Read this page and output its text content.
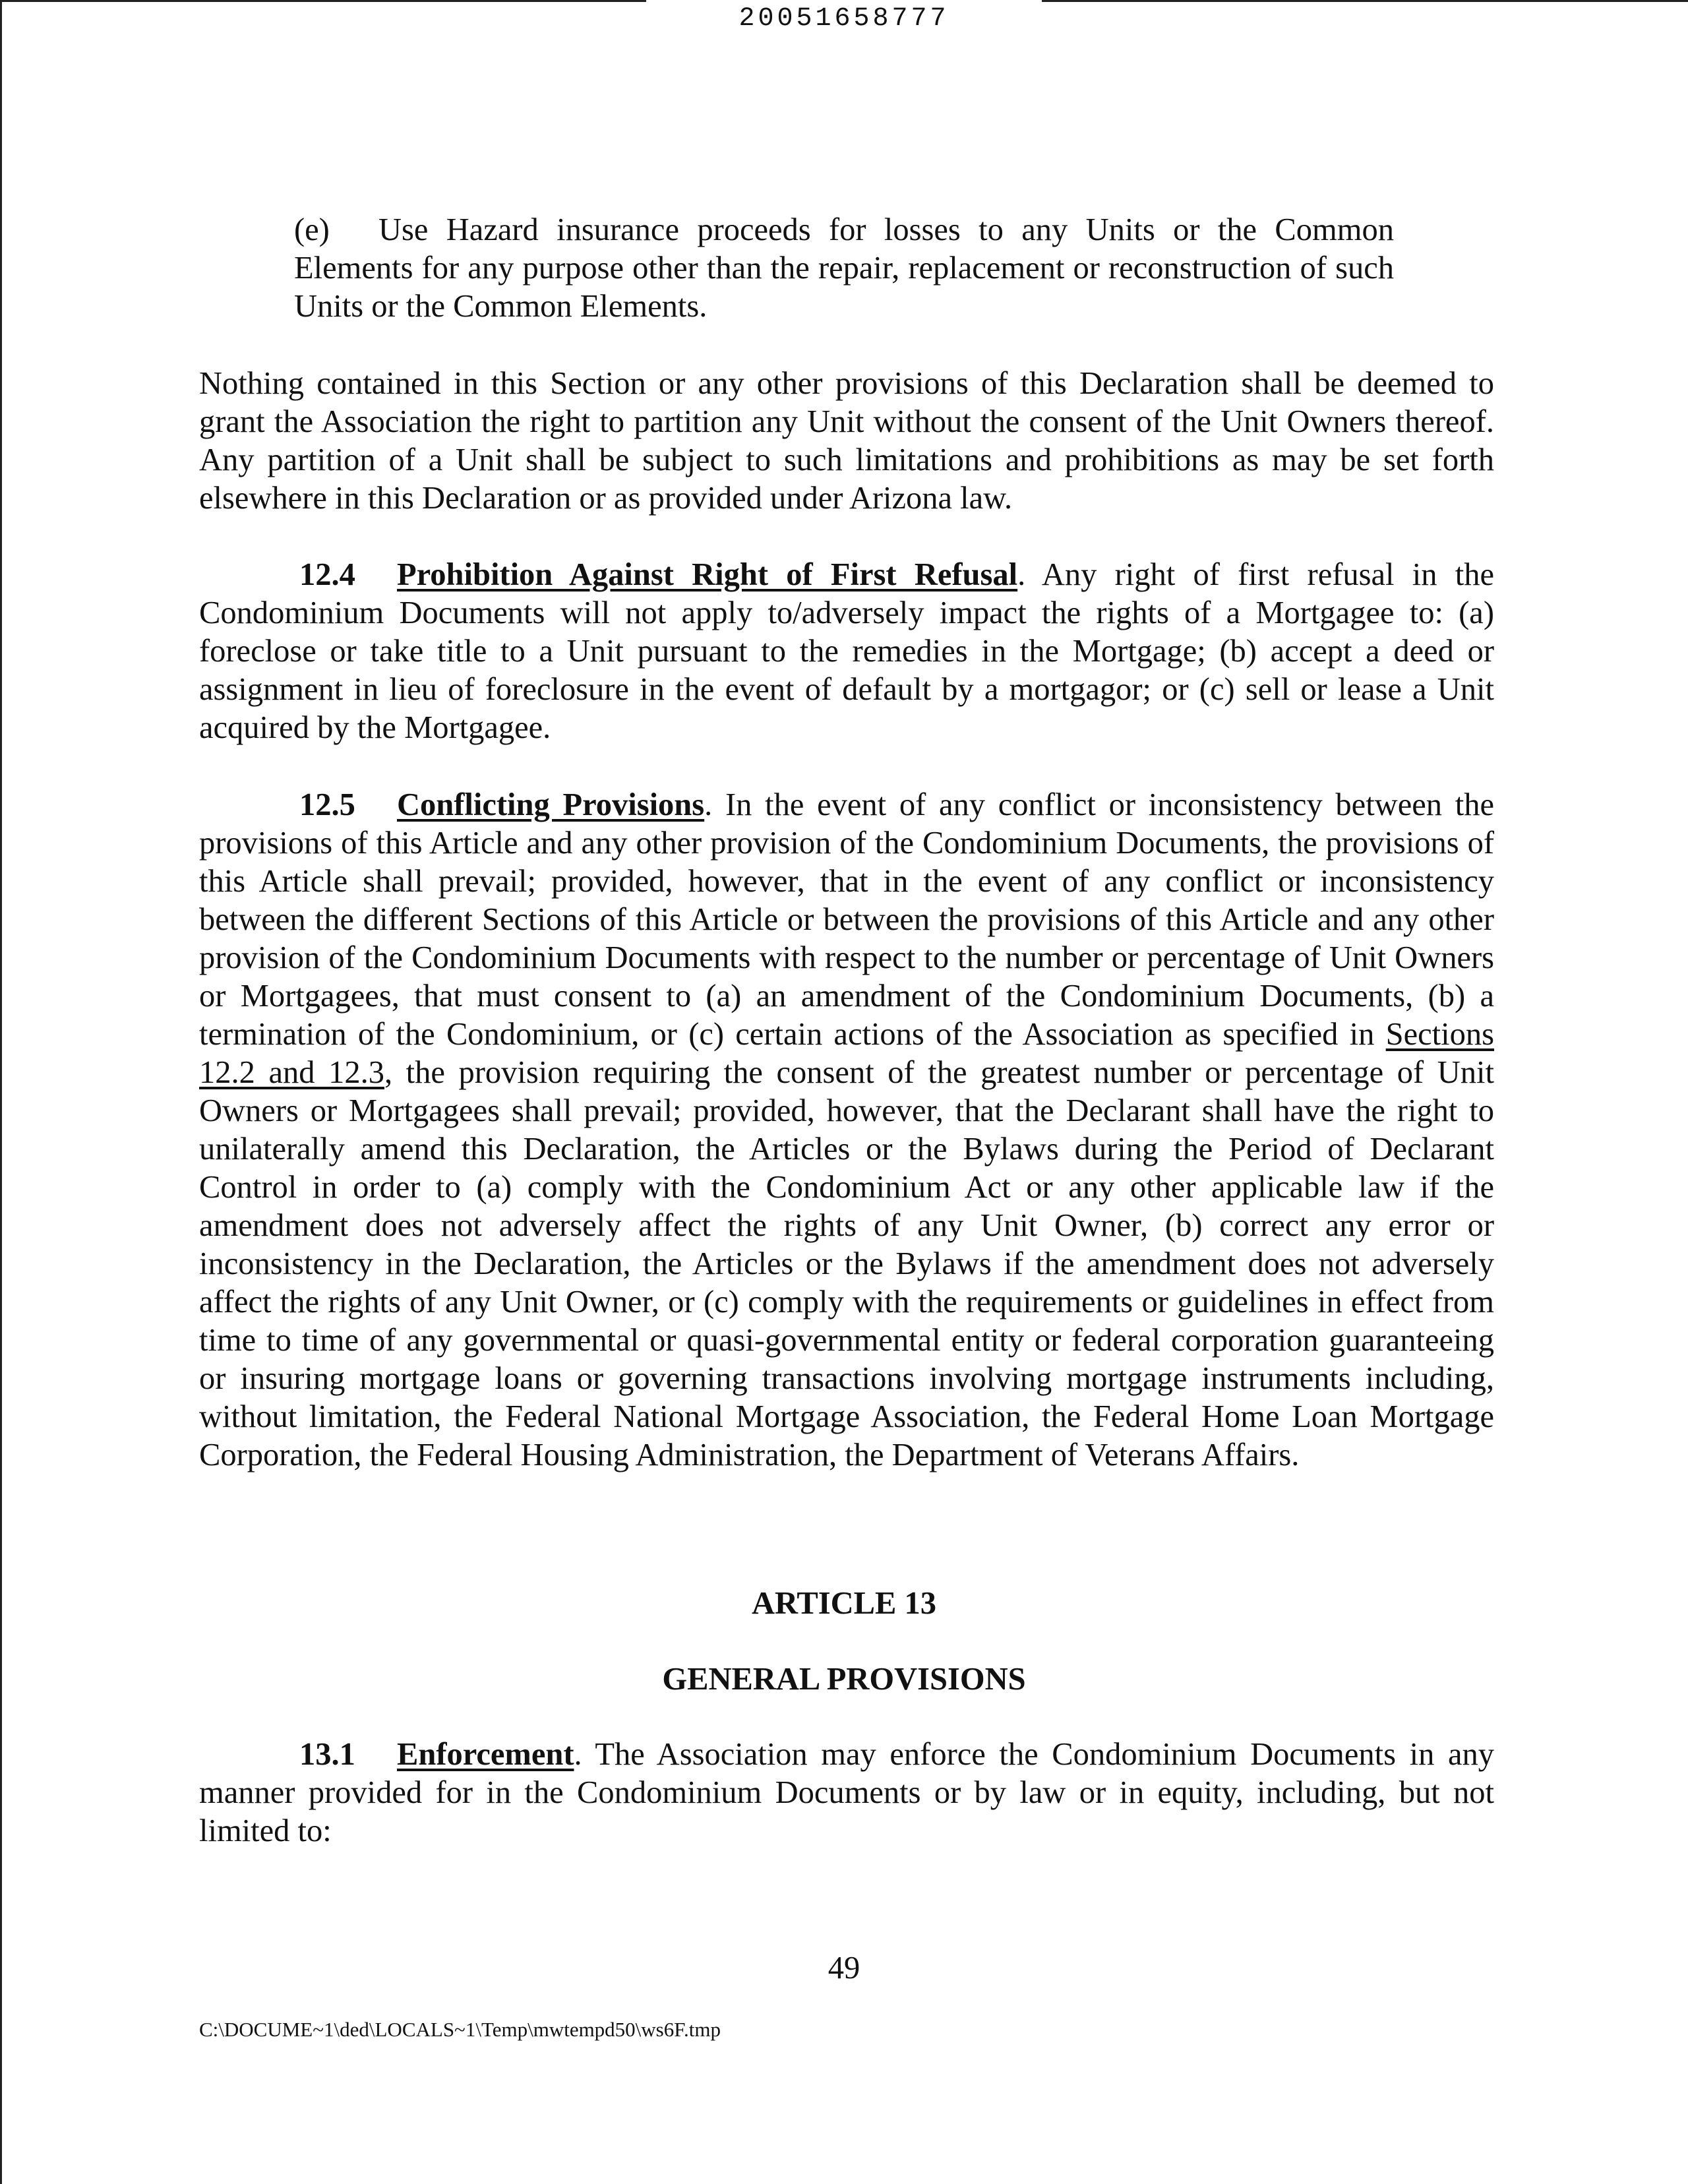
20051658777

(e) Use Hazard insurance proceeds for losses to any Units or the Common Elements for any purpose other than the repair, replacement or reconstruction of such Units or the Common Elements.

Nothing contained in this Section or any other provisions of this Declaration shall be deemed to grant the Association the right to partition any Unit without the consent of the Unit Owners thereof. Any partition of a Unit shall be subject to such limitations and prohibitions as may be set forth elsewhere in this Declaration or as provided under Arizona law.

12.4 Prohibition Against Right of First Refusal. Any right of first refusal in the Condominium Documents will not apply to/adversely impact the rights of a Mortgagee to: (a) foreclose or take title to a Unit pursuant to the remedies in the Mortgage; (b) accept a deed or assignment in lieu of foreclosure in the event of default by a mortgagor; or (c) sell or lease a Unit acquired by the Mortgagee.

12.5 Conflicting Provisions. In the event of any conflict or inconsistency between the provisions of this Article and any other provision of the Condominium Documents, the provisions of this Article shall prevail; provided, however, that in the event of any conflict or inconsistency between the different Sections of this Article or between the provisions of this Article and any other provision of the Condominium Documents with respect to the number or percentage of Unit Owners or Mortgagees, that must consent to (a) an amendment of the Condominium Documents, (b) a termination of the Condominium, or (c) certain actions of the Association as specified in Sections 12.2 and 12.3, the provision requiring the consent of the greatest number or percentage of Unit Owners or Mortgagees shall prevail; provided, however, that the Declarant shall have the right to unilaterally amend this Declaration, the Articles or the Bylaws during the Period of Declarant Control in order to (a) comply with the Condominium Act or any other applicable law if the amendment does not adversely affect the rights of any Unit Owner, (b) correct any error or inconsistency in the Declaration, the Articles or the Bylaws if the amendment does not adversely affect the rights of any Unit Owner, or (c) comply with the requirements or guidelines in effect from time to time of any governmental or quasi-governmental entity or federal corporation guaranteeing or insuring mortgage loans or governing transactions involving mortgage instruments including, without limitation, the Federal National Mortgage Association, the Federal Home Loan Mortgage Corporation, the Federal Housing Administration, the Department of Veterans Affairs.

ARTICLE 13
GENERAL PROVISIONS

13.1 Enforcement. The Association may enforce the Condominium Documents in any manner provided for in the Condominium Documents or by law or in equity, including, but not limited to:

49
C:\DOCUME~1\ded\LOCALS~1\Temp\mwtempd50\ws6F.tmp
